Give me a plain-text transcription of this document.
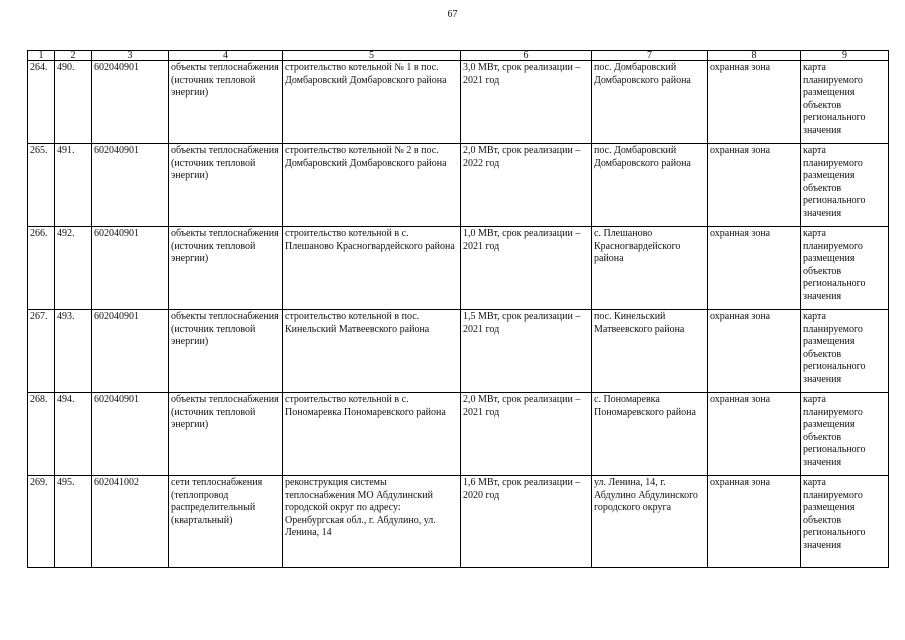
67
1	2	3	4	5	6	7	8	9
264.	490.	602040901	объекты теплоснабжения (источник тепловой энергии)	строительство котельной № 1 в пос. Домбаровский Домбаровского района	3,0 МВт, срок реализации – 2021 год	пос. Домбаровский Домбаровского района	охранная зона	карта планируемого размещения объектов регионального значения
265.	491.	602040901	объекты теплоснабжения (источник тепловой энергии)	строительство котельной № 2 в пос. Домбаровский Домбаровского района	2,0 МВт, срок реализации – 2022 год	пос. Домбаровский Домбаровского района	охранная зона	карта планируемого размещения объектов регионального значения
266.	492.	602040901	объекты теплоснабжения (источник тепловой энергии)	строительство котельной в с. Плешаново Красногвардейского района	1,0 МВт, срок реализации – 2021 год	с. Плешаново Красногвардейского района	охранная зона	карта планируемого размещения объектов регионального значения
267.	493.	602040901	объекты теплоснабжения (источник тепловой энергии)	строительство котельной в пос. Кинельский Матвеевского района	1,5 МВт, срок реализации – 2021 год	пос. Кинельский Матвеевского района	охранная зона	карта планируемого размещения объектов регионального значения
268.	494.	602040901	объекты теплоснабжения (источник тепловой энергии)	строительство котельной в с. Пономаревка Пономаревского района	2,0 МВт, срок реализации – 2021 год	с. Пономаревка Пономаревского района	охранная зона	карта планируемого размещения объектов регионального значения
269.	495.	602041002	сети теплоснабжения (теплопровод распределительный (квартальный)	реконструкция системы теплоснабжения МО Абдулинский городской округ по адресу: Оренбургская обл., г. Абдулино, ул. Ленина, 14	1,6 МВт, срок реализации – 2020 год	ул. Ленина, 14, г. Абдулино Абдулинского городского округа	охранная зона	карта планируемого размещения объектов регионального значения
